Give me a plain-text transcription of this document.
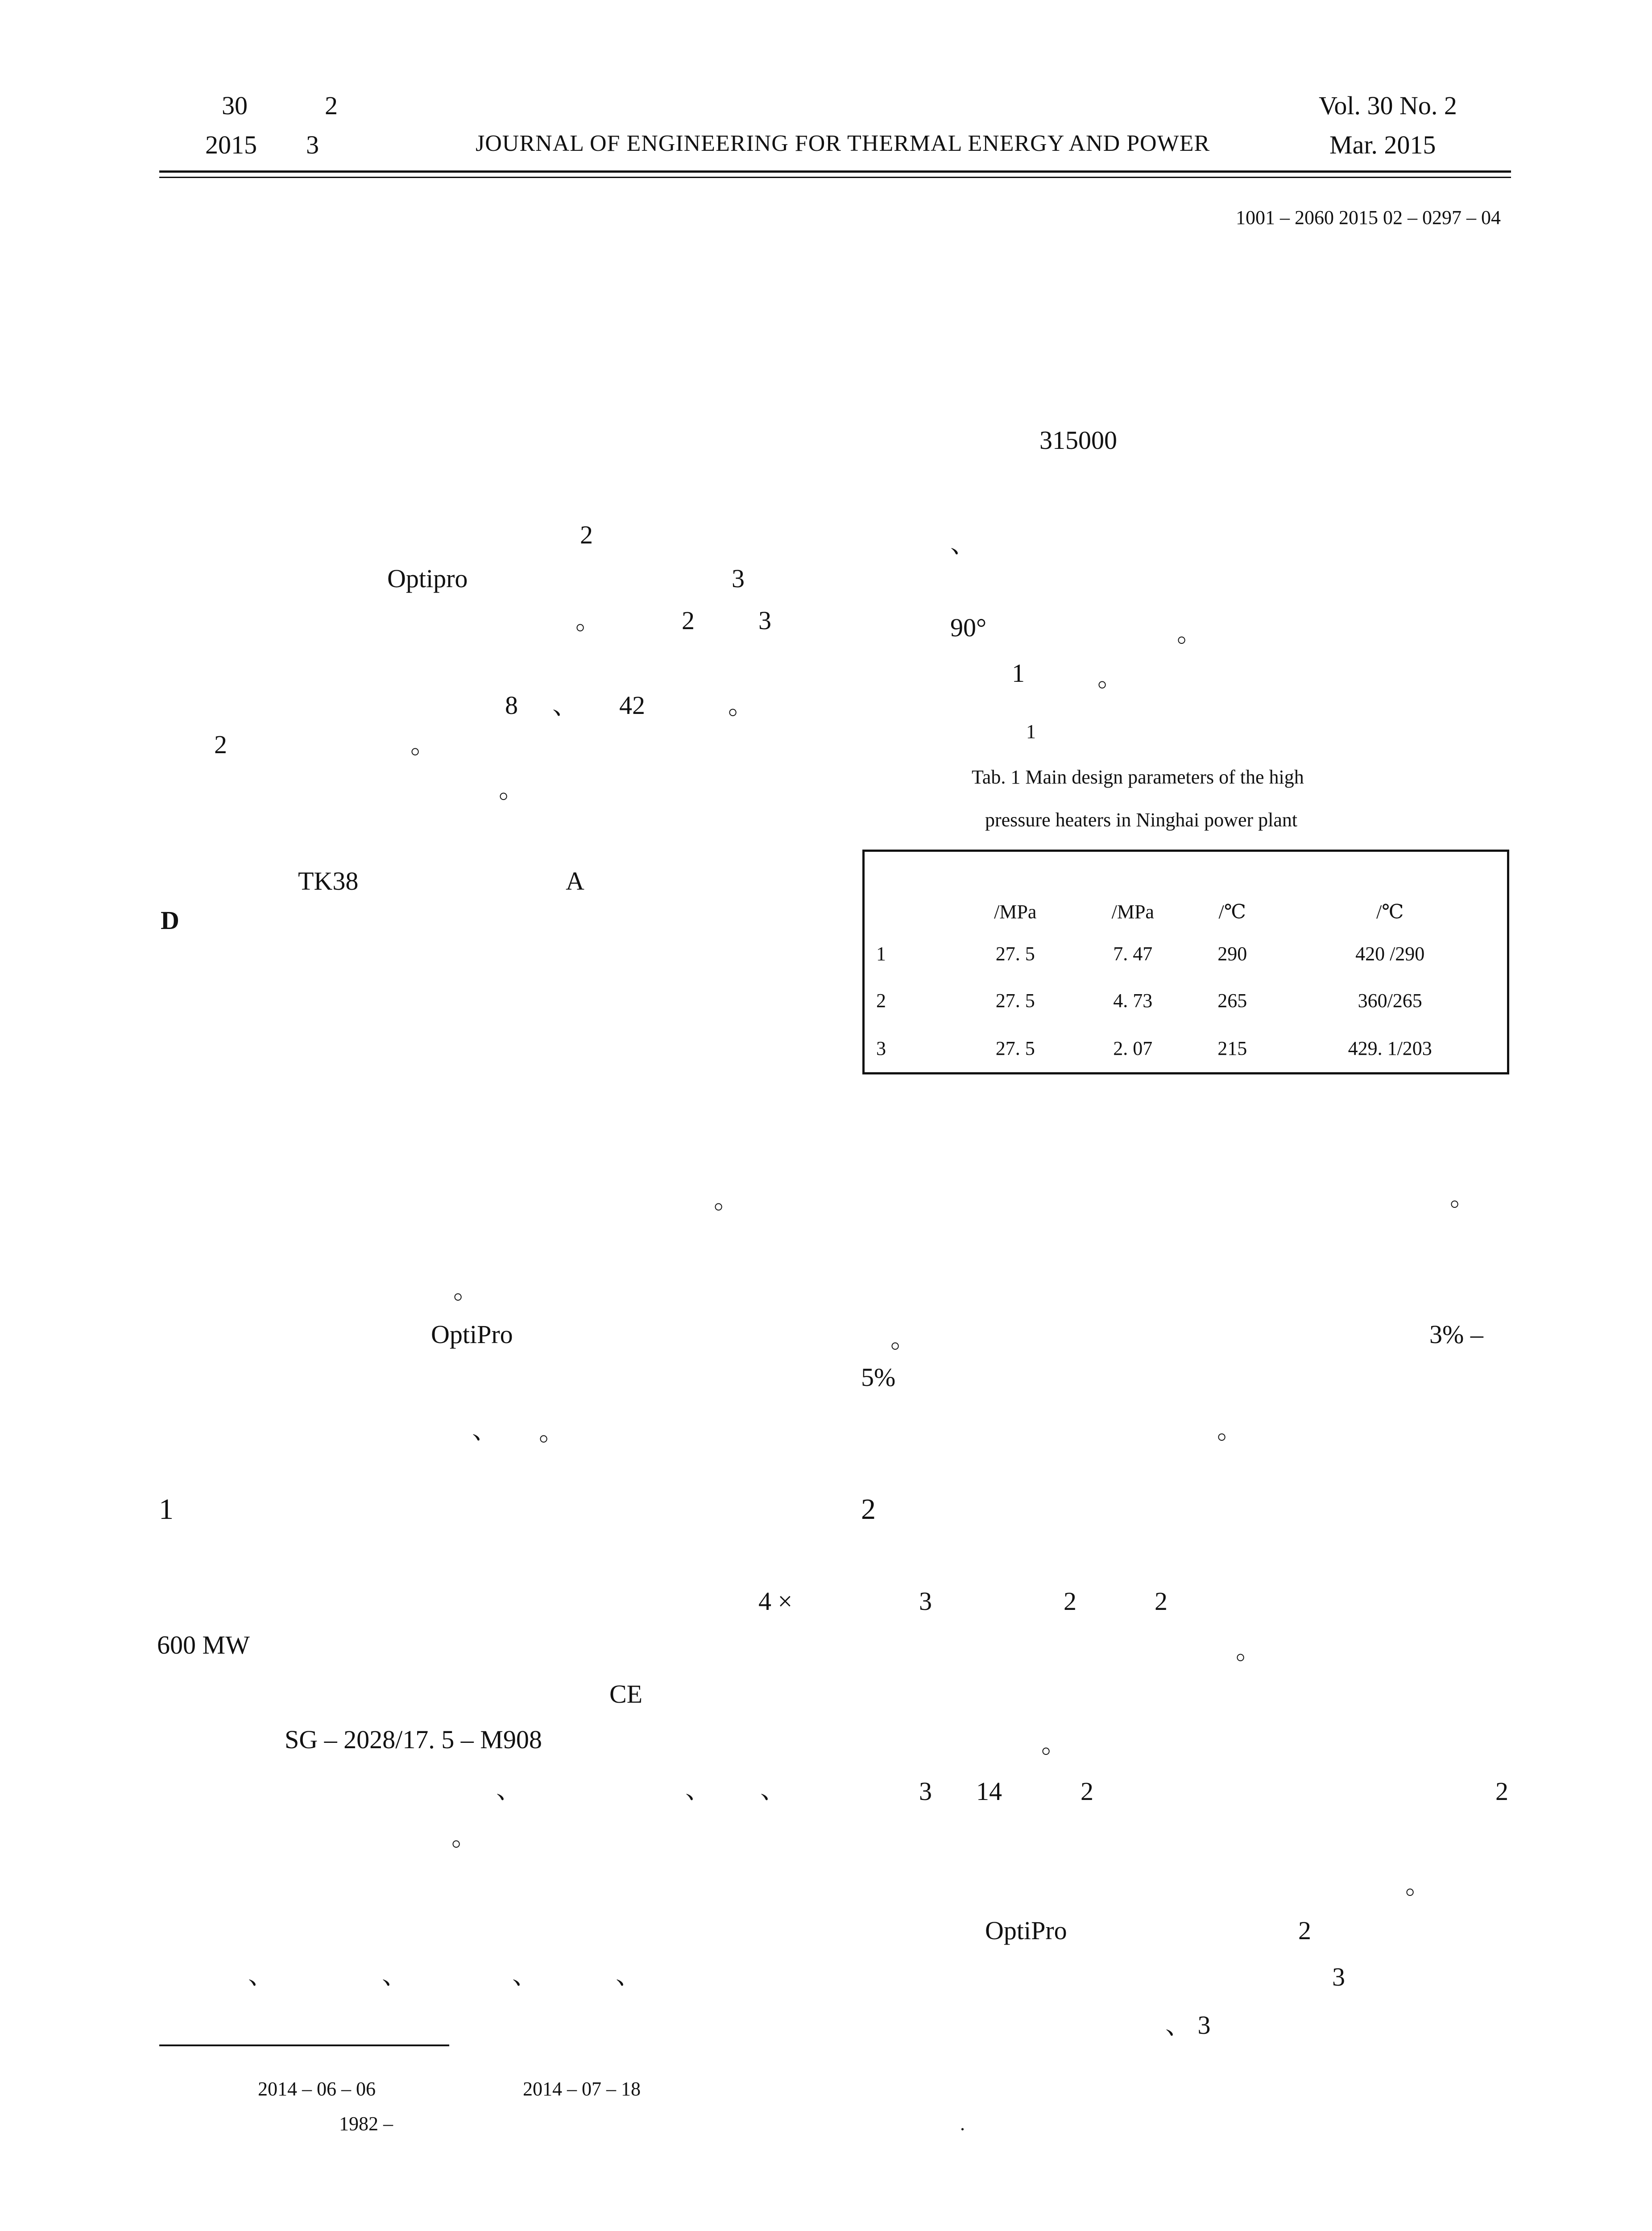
30	2
2015 3	JOURNAL OF ENGINEERING FOR THERMAL ENERGY AND POWER
Vol. 30 No. 2
Mar. 2015
1001 – 2060 2015 02 – 0297 – 04
315000
2
Optipro	3
。	2 3
8 、 42	。
2	。
。
TK38	A
D
、
90°	。
1	。
1
Tab. 1 Main design parameters of the high
pressure heaters in Ninghai power plant
	/MPa	/MPa	/℃	/℃
1	27. 5	7. 47	290	420 /290
2	27. 5	4. 73	265	360/265
3	27. 5	2. 07	215	429. 1/203
。
。
OptiPro
、 。
。
。	3% –
5%
。
1
4 ×
600 MW
CE
SG – 2028/17. 5 – M908
、	、 、
。
、	、	、	、
2
3	2	2
。
。
3 14	2	2
。
OptiPro	2
3
、 3
2014 – 06 – 06	2014 – 07 – 18
1982 –	.
